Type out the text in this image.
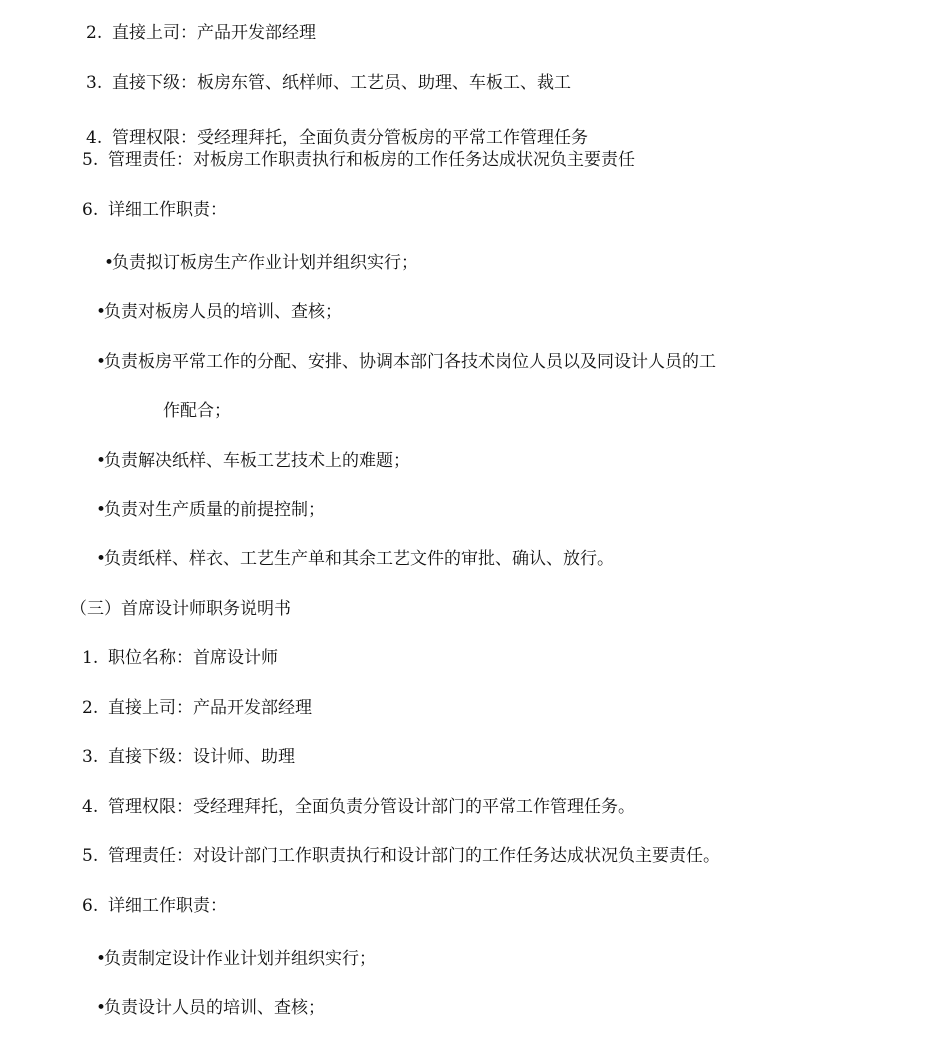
2. 直接上司：产品开发部经理
3. 直接下级：板房东管、纸样师、工艺员、助理、车板工、裁工
4. 管理权限：受经理拜托，全面负责分管板房的平常工作管理任务
5. 管理责任：对板房工作职责执行和板房的工作任务达成状况负主要责任
6. 详细工作职责：
•负责拟订板房生产作业计划并组织实行；
•负责对板房人员的培训、查核；
•负责板房平常工作的分配、安排、协调本部门各技术岗位人员以及同设计人员的工
作配合；
•负责解决纸样、车板工艺技术上的难题；
•负责对生产质量的前提控制；
•负责纸样、样衣、工艺生产单和其余工艺文件的审批、确认、放行。
（三）首席设计师职务说明书
1. 职位名称：首席设计师
2. 直接上司：产品开发部经理
3. 直接下级：设计师、助理
4. 管理权限：受经理拜托，全面负责分管设计部门的平常工作管理任务。
5. 管理责任：对设计部门工作职责执行和设计部门的工作任务达成状况负主要责任。
6. 详细工作职责：
•负责制定设计作业计划并组织实行；
•负责设计人员的培训、查核；
